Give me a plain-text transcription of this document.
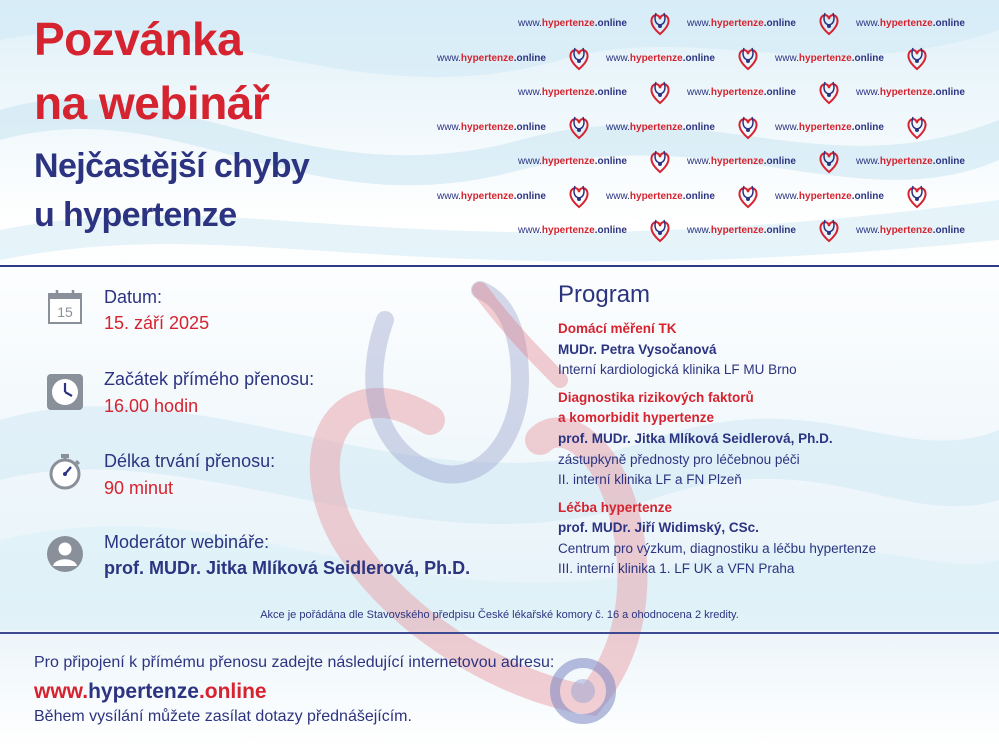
www.hypertenze.online	www.hypertenze.online	www.hypertenze.online
www.hypertenze.online	www.hypertenze.online	www.hypertenze.online
www.hypertenze.online	www.hypertenze.online	www.hypertenze.online
www.hypertenze.online	www.hypertenze.online	www.hypertenze.online
www.hypertenze.online	www.hypertenze.online	www.hypertenze.online
www.hypertenze.online	www.hypertenze.online	www.hypertenze.online
www.hypertenze.online	www.hypertenze.online	www.hypertenze.online
Pozvánka
na webinář
Nejčastější chyby
u hypertenze
15
Datum:
15. září 2025
Začátek přímého přenosu:
16.00 hodin
Délka trvání přenosu:
90 minut
Moderátor webináře:
prof. MUDr. Jitka Mlíková Seidlerová, Ph.D.
Program
Domácí měření TK
MUDr. Petra Vysočanová
Interní kardiologická klinika LF MU Brno
Diagnostika rizikových faktorů
a komorbidit hypertenze
prof. MUDr. Jitka Mlíková Seidlerová, Ph.D.
zástupkyně přednosty pro léčebnou péči
II. interní klinika LF a FN Plzeň
Léčba hypertenze
prof. MUDr. Jiří Widimský, CSc.
Centrum pro výzkum, diagnostiku a léčbu hypertenze
III. interní klinika 1. LF UK a VFN Praha
Akce je pořádána dle Stavovského předpisu České lékařské komory č. 16 a ohodnocena 2 kredity.
Pro připojení k přímému přenosu zadejte následující internetovou adresu:
www.hypertenze.online
Během vysílání můžete zasílat dotazy přednášejícím.
